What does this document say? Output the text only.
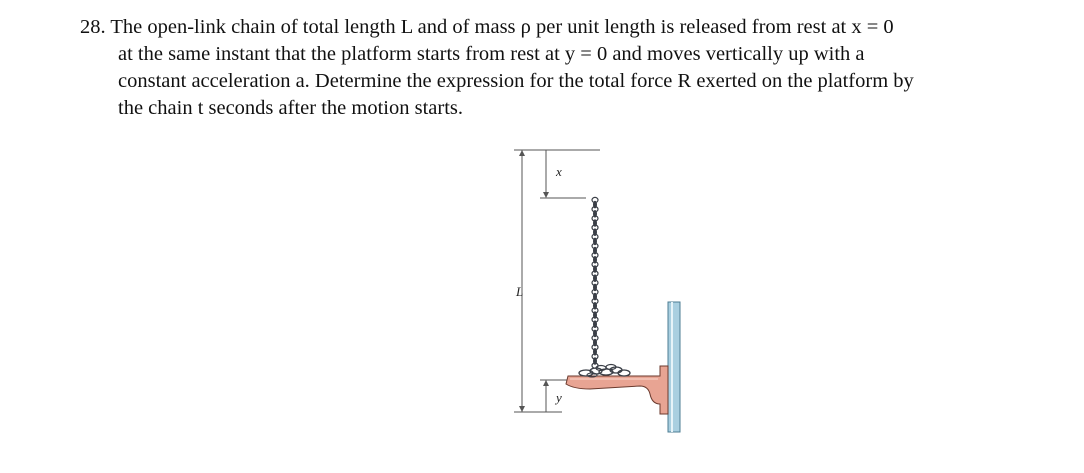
28. The open-link chain of total length L and of mass ρ per unit length is released from rest at x = 0
at the same instant that the platform starts from rest at y = 0 and moves vertically up with a
constant acceleration a. Determine the expression for the total force R exerted on the platform by
the chain t seconds after the motion starts.
x
L
y
